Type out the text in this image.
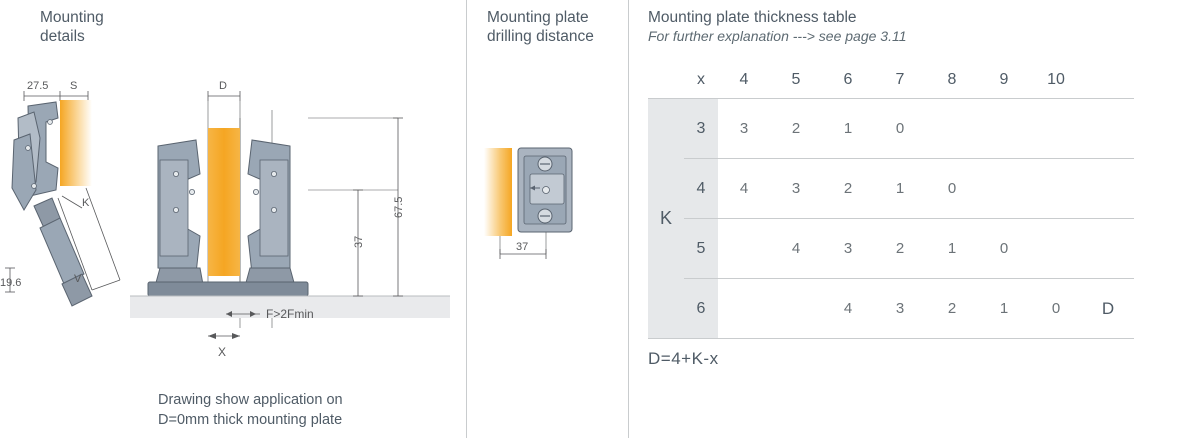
Mounting
details
27.5 S
V
K
19.6
D
67.5
37
F>2Fmin
X
Drawing show application on
D=0mm thick mounting plate
Mounting plate
drilling distance
37
Mounting plate thickness table
For further explanation ---> see page 3.11
	x	4	5	6	7	8	9	10	
K	3	3	2	1	0				
	4	4	3	2	1	0			
	5		4	3	2	1	0		
	6			4	3	2	1	0	D
D=4+K-x
